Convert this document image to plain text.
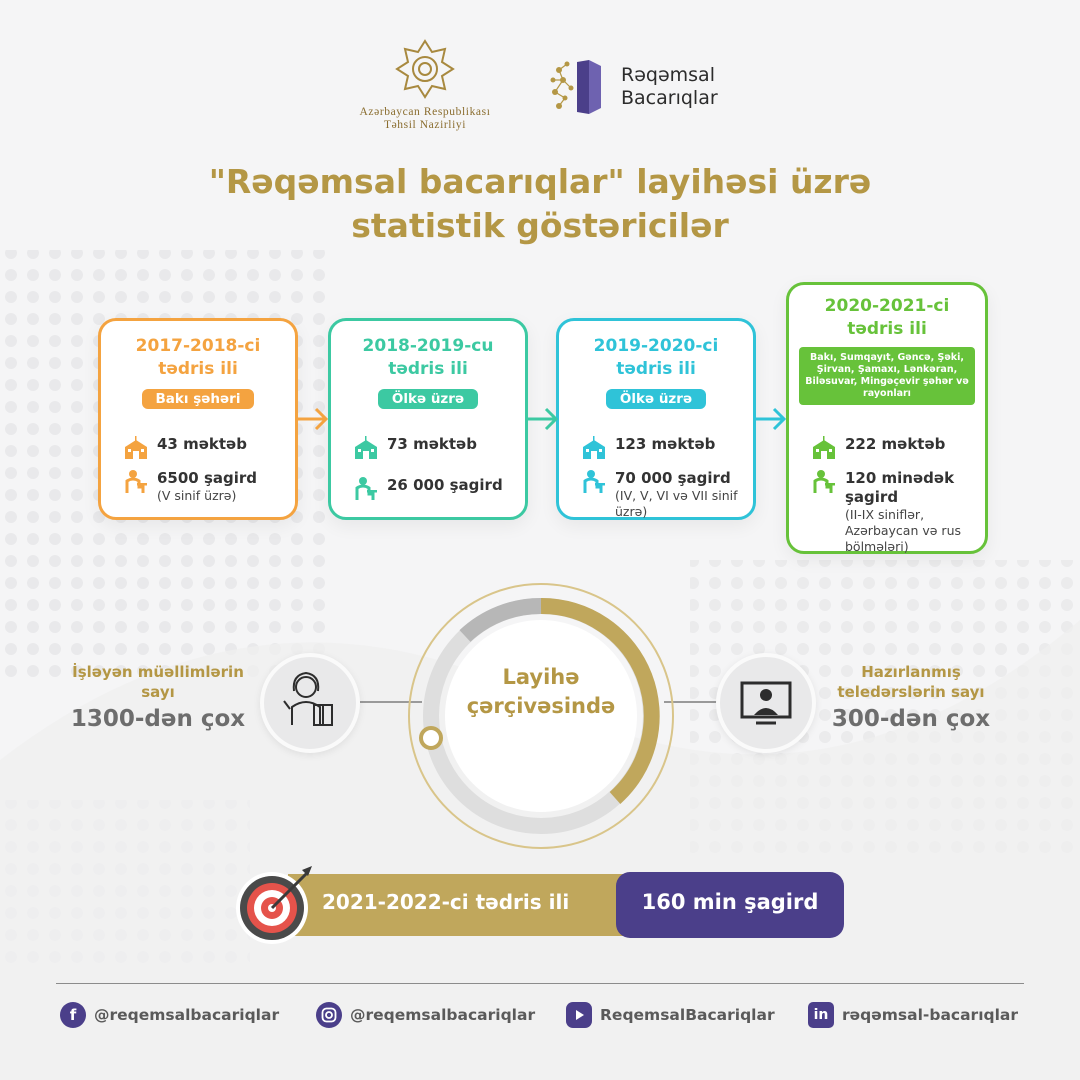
Azərbaycan Respublikası
Təhsil Nazirliyi
Rəqəmsal
Bacarıqlar
"Rəqəmsal bacarıqlar" layihəsi üzrə
statistik göstəricilər
2017-2018-ci
tədris ili
Bakı şəhəri
43 məktəb
6500 şagird
(V sinif üzrə)
2018-2019-cu
tədris ili
Ölkə üzrə
73 məktəb
26 000 şagird
2019-2020-ci
tədris ili
Ölkə üzrə
123 məktəb
70 000 şagird
(IV, V, VI və VII sinif üzrə)
2020-2021-ci
tədris ili
Bakı, Sumqayıt, Gəncə, Şəki, Şirvan, Şamaxı, Lənkəran, Biləsuvar, Mingəçevir şəhər və rayonları
222 məktəb
120 minədək şagird
(II-IX siniflər, Azərbaycan və rus bölmələri)
İşləyən müəllimlərin sayı
1300-dən çox
Hazırlanmış teledərslərin sayı
300-dən çox
Layihə çərçivəsində
2021-2022-ci tədris ili	160 min şagird
f	@reqemsalbacariqlar	@reqemsalbacariqlar	ReqemsalBacariqlar	in rəqəmsal-bacarıqlar
